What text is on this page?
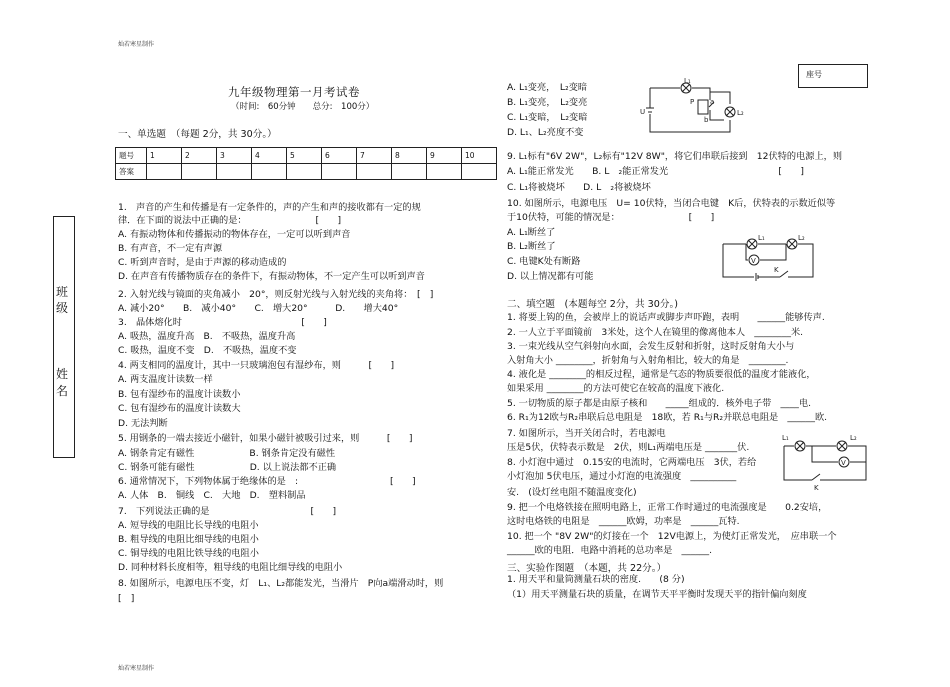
灿若寒星制作
灿若寒星制作
班
级
姓
名
座号
九年级物理第一月考试卷
（时间:　60分钟　　总分:　100分）
一、单选题　（每题 2分，共 30分。）
题号	1	2	3	4	5	6	7	8	9	10
答案										
1.　声音的产生和传播是有一定条件的，声的产生和声的接收都有一定的规
律．在下面的说法中正确的是：　　　　　　　　[　　]
A. 有振动物体和传播振动的物体存在，一定可以听到声音
B. 有声音，不一定有声源
C. 听到声音时，是由于声源的移动造成的
D. 在声音有传播物质存在的条件下，有振动物体，不一定产生可以听到声音
2. 入射光线与镜面的夹角减小　20°，则反射光线与入射光线的夹角将：　[　]
A. 减小20°　　B.　减小40°　　C.　增大20°　　　D.　　增大40°
3.　晶体熔化时　　　　　　　　　　　　　[　　]
A. 吸热，温度升高　B.　不吸热，温度升高
C. 吸热，温度不变　D.　不吸热，温度不变
4. 两支相同的温度计，其中一只玻璃泡包有湿纱布，则　　　[　　]
A. 两支温度计读数一样
B. 包有湿纱布的温度计读数小
C. 包有湿纱布的温度计读数大
D. 无法判断
5. 用钢条的一端去接近小磁针，如果小磁针被吸引过来，则　　　[　　]
A. 钢条肯定有磁性　　　　　　B. 钢条肯定没有磁性
C. 钢条可能有磁性　　　　　　D. 以上说法都不正确
6. 通常情况下，下列物体属于绝缘体的是　:　　　　　　　　　　[　　]
A. 人体　B.　铜线　C.　大地　D.　塑料制品
7.　下列说法正确的是　　　　　　　　　　　[　　]
A. 短导线的电阻比长导线的电阻小
B. 粗导线的电阻比细导线的电阻小
C. 铜导线的电阻比铁导线的电阻小
D. 同种材料长度相等，粗导线的电阻比细导线的电阻小
8. 如图所示，电源电压不变，灯　L₁、L₂都能发光，当滑片　P向a端滑动时，则
[　]
A. L₁变亮，　L₂变暗
B. L₁变亮，　L₂变亮
C. L₁变暗，　L₂变暗
D. L₁、L₂亮度不变
9. L₁标有"6V 2W"，L₂标有"12V 8W"，将它们串联后接到　12伏特的电源上，则
A. L₁能正常发光　　B. L　₂能正常发光　　　　　　　　　　　　[　　]
C. L₁将被烧坏　　D. L　₂将被烧坏
10. 如图所示，电源电压　U= 10伏特，当闭合电键　K后，伏特表的示数近似等
于10伏特，可能的情况是：　　　　　　　　[　　]
A. L₁断丝了
B. L₂断丝了
C. 电键K处有断路
D. 以上情况都有可能
二、填空题　(本题每空 2分，共 30分。)
1. 将要上钩的鱼，会被岸上的说话声或脚步声吓跑，表明　　______能够传声.
2. 一人立于平面镜前　3米处，这个人在镜里的像离他本人　________米.
3. 一束光线从空气斜射向水面，会发生反射和折射，这时反射角大小与
入射角大小 ________，折射角与入射角相比，较大的角是　________.
4. 液化是 ________的相反过程，通常是气态的物质要很低的温度才能液化，
如果采用 ________的方法可使它在较高的温度下液化.
5. 一切物质的原子都是由原子核和　　_____组成的．核外电子带　____电.
6. R₁为12欧与R₂串联后总电阻是　18欧，若 R₁与R₂并联总电阻是　______欧.
7. 如图所示，当开关闭合时，若电源电
压是5伏，伏特表示数是　2伏，则L₁两端电压是 _______伏.
8. 小灯泡中通过　0.15安的电流时，它两端电压　3伏，若给
小灯泡加 5伏电压，通过小灯泡的电流强度　__________
安.　(设灯丝电阻不随温度变化)
9. 把一个电烙铁接在照明电路上，正常工作时通过的电流强度是　　0.2安培，
这时电烙铁的电阻是　______欧姆，功率是　______瓦特.
10. 把一个 "8V 2W"的灯接在一个　12V电源上，为使灯正常发光，　应串联一个
______欧的电阻．电路中消耗的总功率是　______.
三、实验作图题　（本题，共 22分。）
1. 用天平和量筒测量石块的密度.　　(8 分)
（1）用天平测量石块的质量，在调节天平平衡时发现天平的指针偏向刻度
L₁
L₂
P a
b
U
L₁	L₂
V
K
L₁	L₂
V
K
